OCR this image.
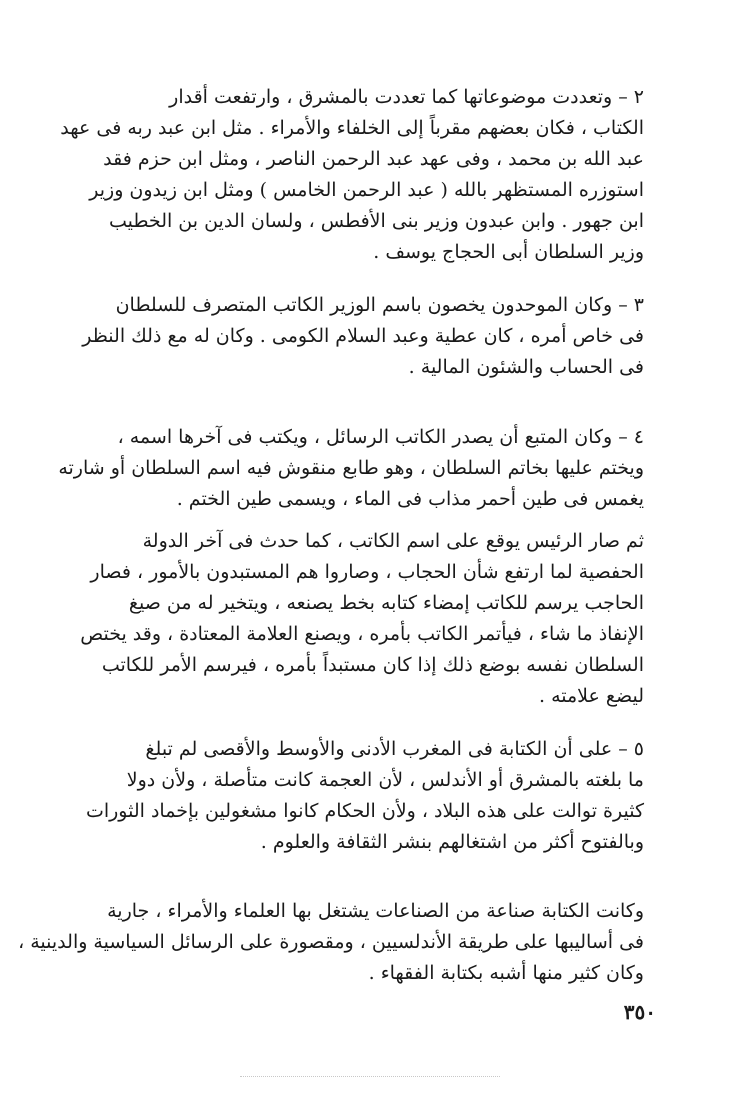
٢ – وتعددت موضوعاتها كما تعددت بالمشرق ، وارتفعت أقدار
الكتاب ، فكان بعضهم مقرباً إلى الخلفاء والأمراء . مثل ابن عبد ربه فى عهد
عبد الله بن محمد ، وفى عهد عبد الرحمن الناصر ، ومثل ابن حزم فقد
استوزره المستظهر بالله ( عبد الرحمن الخامس ) ومثل ابن زيدون وزير
ابن جهور . وابن عبدون وزير بنى الأفطس ، ولسان الدين بن الخطيب
وزير السلطان أبى الحجاج يوسف .
٣ – وكان الموحدون يخصون باسم الوزير الكاتب المتصرف للسلطان
فى خاص أمره ، كان عطية وعبد السلام الكومى . وكان له مع ذلك النظر
فى الحساب والشئون المالية .
٤ – وكان المتبع أن يصدر الكاتب الرسائل ، ويكتب فى آخرها اسمه ،
ويختم عليها بخاتم السلطان ، وهو طابع منقوش فيه اسم السلطان أو شارته
يغمس فى طين أحمر مذاب فى الماء ، ويسمى طين الختم .
ثم صار الرئيس يوقع على اسم الكاتب ، كما حدث فى آخر الدولة
الحفصية لما ارتفع شأن الحجاب ، وصاروا هم المستبدون بالأمور ، فصار
الحاجب يرسم للكاتب إمضاء كتابه بخط يصنعه ، ويتخير له من صيغ
الإنفاذ ما شاء ، فيأتمر الكاتب بأمره ، ويصنع العلامة المعتادة ، وقد يختص
السلطان نفسه بوضع ذلك إذا كان مستبداً بأمره ، فيرسم الأمر للكاتب
ليضع علامته .
٥ – على أن الكتابة فى المغرب الأدنى والأوسط والأقصى لم تبلغ
ما بلغته بالمشرق أو الأندلس ، لأن العجمة كانت متأصلة ، ولأن دولا
كثيرة توالت على هذه البلاد ، ولأن الحكام كانوا مشغولين بإخماد الثورات
وبالفتوح أكثر من اشتغالهم بنشر الثقافة والعلوم .
وكانت الكتابة صناعة من الصناعات يشتغل بها العلماء والأمراء ، جارية
فى أساليبها على طريقة الأندلسيين ، ومقصورة على الرسائل السياسية والدينية ،
وكان كثير منها أشبه بكتابة الفقهاء .
٣٥٠
